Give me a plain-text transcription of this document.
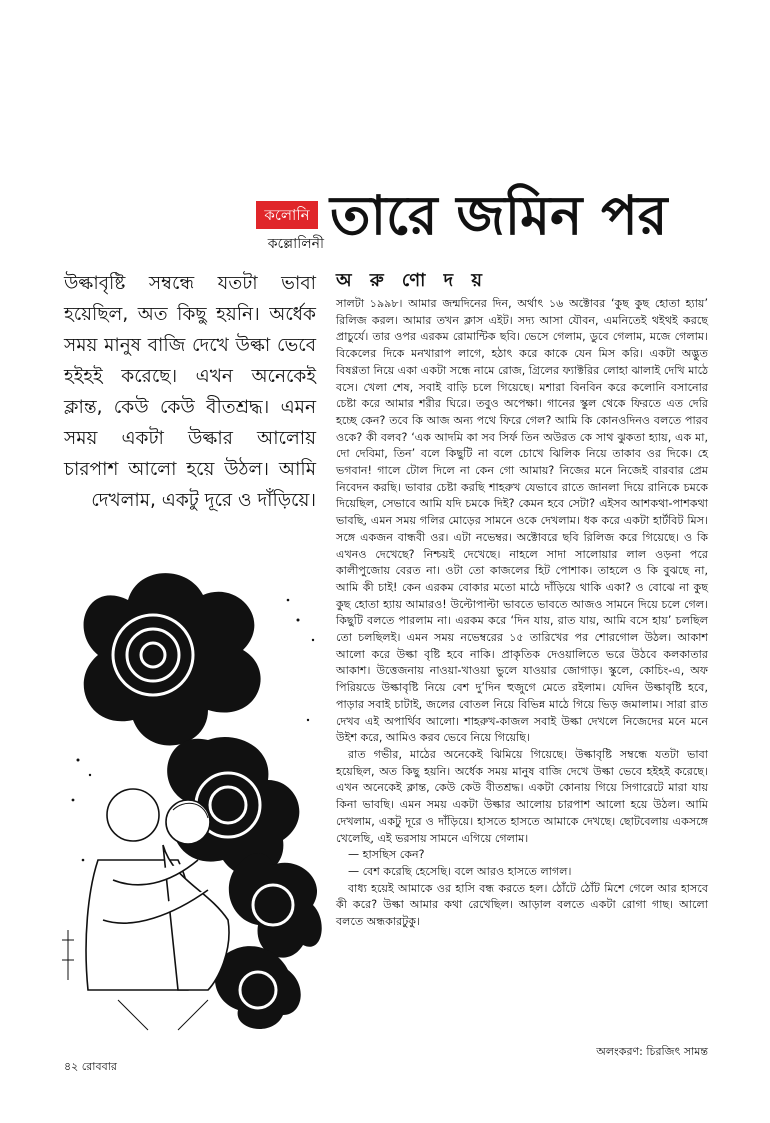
কলোনি
কল্লোলিনী তারে জমিন পর
উল্কাবৃষ্টি সম্বন্ধে যতটা ভাবা হয়েছিল, অত কিছু হয়নি। অর্ধেক সময় মানুষ বাজি দেখে উল্কা ভেবে হইহই করেছে। এখন অনেকেই ক্লান্ত, কেউ কেউ বীতশ্রদ্ধ। এমন সময় একটা উল্কার আলোয় চারপাশ আলো হয়ে উঠল। আমি দেখলাম, একটু দূরে ও দাঁড়িয়ে।
অ রু ণো দ য়

সালটা ১৯৯৮। আমার জন্মদিনের দিন, অর্থাৎ ১৬ অক্টোবর ‘কুছ কুছ হোতা হ্যায়’ রিলিজ করল। আমার তখন ক্লাস এইট। সদ্য আসা যৌবন, এমনিতেই থইথই করছে প্রাচুর্যে। তার ওপর এরকম রোমান্টিক ছবি। ভেসে গেলাম, ডুবে গেলাম, মজে গেলাম। বিকেলের দিকে মনখারাপ লাগে, হঠাৎ করে কাকে যেন মিস করি। একটা অদ্ভুত বিষণ্ণতা নিয়ে একা একটা সন্ধে নামে রোজ, গ্রিলের ফ্যাক্টরির লোহা ঝালাই দেখি মাঠে বসে। খেলা শেষ, সবাই বাড়ি চলে গিয়েছে। মশারা বিনবিন করে কলোনি বসানোর চেষ্টা করে আমার শরীর ঘিরে। তবুও অপেক্ষা। গানের স্কুল থেকে ফিরতে এত দেরি হচ্ছে কেন? তবে কি আজ অন্য পথে ফিরে গেল? আমি কি কোনওদিনও বলতে পারব ওকে? কী বলব? ‘এক আদমি কা সব সির্ফ তিন অউরত কে সাথ ঝুকতা হ্যায়, এক মা, দো দেবিমা, তিন’ বলে কিছুটি না বলে চোখে ঝিলিক নিয়ে তাকাব ওর দিকে। হে ভগবান! গালে টোল দিলে না কেন গো আমায়? নিজের মনে নিজেই বারবার প্রেম নিবেদন করছি। ভাবার চেষ্টা করছি শাহরুখ যেভাবে রাতে জানলা দিয়ে রানিকে চমকে দিয়েছিল, সেভাবে আমি যদি চমকে দিই? কেমন হবে সেটা? এইসব আশকথা-পাশকথা ভাবছি, এমন সময় গলির মোড়ের সামনে ওকে দেখলাম। ধক করে একটা হার্টবিট মিস। সঙ্গে একজন বান্ধবী ওর। এটা নভেম্বর। অক্টোবরে ছবি রিলিজ করে গিয়েছে। ও কি এখনও দেখেছে? নিশ্চয়ই দেখেছে। নাহলে সাদা সালোয়ার লাল ওড়না পরে কালীপুজোয় বেরত না। ওটা তো কাজলের হিট পোশাক। তাহলে ও কি বুঝছে না, আমি কী চাই! কেন এরকম বোকার মতো মাঠে দাঁড়িয়ে থাকি একা? ও বোঝে না কুছ কুছ হোতা হ্যায় আমারও! উল্টোপাল্টা ভাবতে ভাবতে আজও সামনে দিয়ে চলে গেল। কিছুটি বলতে পারলাম না। এরকম করে ‘দিন যায়, রাত যায়, আমি বসে হায়’ চলছিল তো চলছিলই। এমন সময় নভেম্বরের ১৫ তারিখের পর শোরগোল উঠল। আকাশ আলো করে উল্কা বৃষ্টি হবে নাকি। প্রাকৃতিক দেওয়ালিতে ভরে উঠবে কলকাতার আকাশ। উত্তেজনায় নাওয়া-খাওয়া ভুলে যাওয়ার জোগাড়। স্কুলে, কোচিং-এ, অফ পিরিয়ডে উল্কাবৃষ্টি নিয়ে বেশ দু’দিন হুজুগে মেতে রইলাম। যেদিন উল্কাবৃষ্টি হবে, পাড়ার সবাই চাটাই, জলের বোতল নিয়ে বিভিন্ন মাঠে গিয়ে ভিড় জমালাম। সারা রাত দেখব এই অপার্থিব আলো। শাহরুখ-কাজল সবাই উল্কা দেখলে নিজেদের মনে মনে উইশ করে, আমিও করব ভেবে নিয়ে গিয়েছি।

রাত গভীর, মাঠের অনেকেই ঝিমিয়ে গিয়েছে। উল্কাবৃষ্টি সম্বন্ধে যতটা ভাবা হয়েছিল, অত কিছু হয়নি। অর্ধেক সময় মানুষ বাজি দেখে উল্কা ভেবে হইহই করেছে। এখন অনেকেই ক্লান্ত, কেউ কেউ বীতশ্রদ্ধ। একটা কোনায় গিয়ে সিগারেটে মারা যায় কিনা ভাবছি। এমন সময় একটা উল্কার আলোয় চারপাশ আলো হয়ে উঠল। আমি দেখলাম, একটু দূরে ও দাঁড়িয়ে। হাসতে হাসতে আমাকে দেখছে। ছোটবেলায় একসঙ্গে খেলেছি, এই ভরসায় সামনে এগিয়ে গেলাম।

— হাসছিস কেন?

— বেশ করেছি হেসেছি। বলে আরও হাসতে লাগল।

বাধ্য হয়েই আমাকে ওর হাসি বন্ধ করতে হল। ঠোঁটে ঠোঁট মিশে গেলে আর হাসবে কী করে? উল্কা আমার কথা রেখেছিল। আড়াল বলতে একটা রোগা গাছ। আলো বলতে অন্ধকারটুকু।

অলংকরণ: চিরজিৎ সামন্ত
৪২ রোববার
